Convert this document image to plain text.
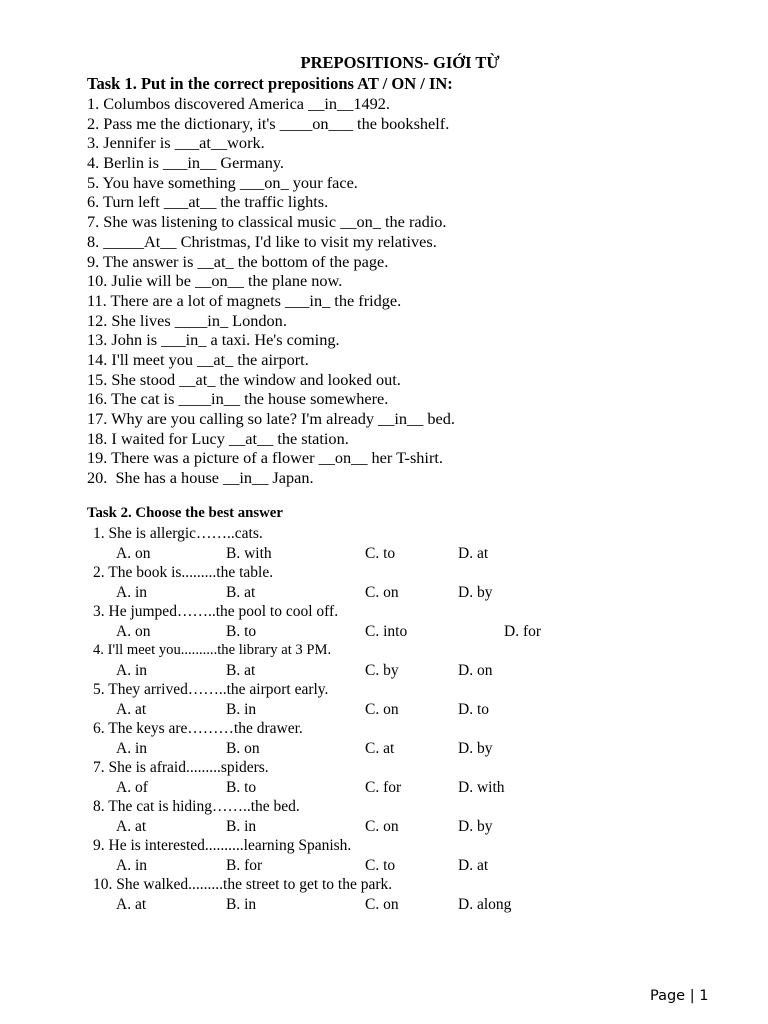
PREPOSITIONS- GIỚI TỪ
Task 1. Put in the correct prepositions AT / ON / IN:
1. Columbos discovered America __in__1492.
2. Pass me the dictionary, it's ____on___ the bookshelf.
3. Jennifer is ___at__work.
4. Berlin is ___in__ Germany.
5. You have something ___on_ your face.
6. Turn left ___at__ the traffic lights.
7. She was listening to classical music __on_ the radio.
8. _____At__ Christmas, I'd like to visit my relatives.
9. The answer is __at_ the bottom of the page.
10. Julie will be __on__ the plane now.
11. There are a lot of magnets ___in_ the fridge.
12. She lives ____in_ London.
13. John is ___in_ a taxi. He's coming.
14. I'll meet you __at_ the airport.
15. She stood __at_ the window and looked out.
16. The cat is ____in__ the house somewhere.
17. Why are you calling so late? I'm already __in__ bed.
18. I waited for Lucy __at__ the station.
19. There was a picture of a flower __on__ her T-shirt.
20.  She has a house __in__ Japan.
Task 2. Choose the best answer
1. She is allergic……..cats.
A. on	B. with	C. to	D. at
2. The book is.........the table.
A. in	B. at	C. on	D. by
3. He jumped……..the pool to cool off.
A. on	B. to	C. into	D. for
4. I'll meet you..........the library at 3 PM.
A. in	B. at	C. by	D. on
5. They arrived……..the airport early.
A. at	B. in	C. on	D. to
6. The keys are………the drawer.
A. in	B. on	C. at	D. by
7. She is afraid.........spiders.
A. of	B. to	C. for	D. with
8. The cat is hiding……..the bed.
A. at	B. in	C. on	D. by
9. He is interested..........learning Spanish.
A. in	B. for	C. to	D. at
10. She walked.........the street to get to the park.
A. at	B. in	C. on	D. along
Page | 1
